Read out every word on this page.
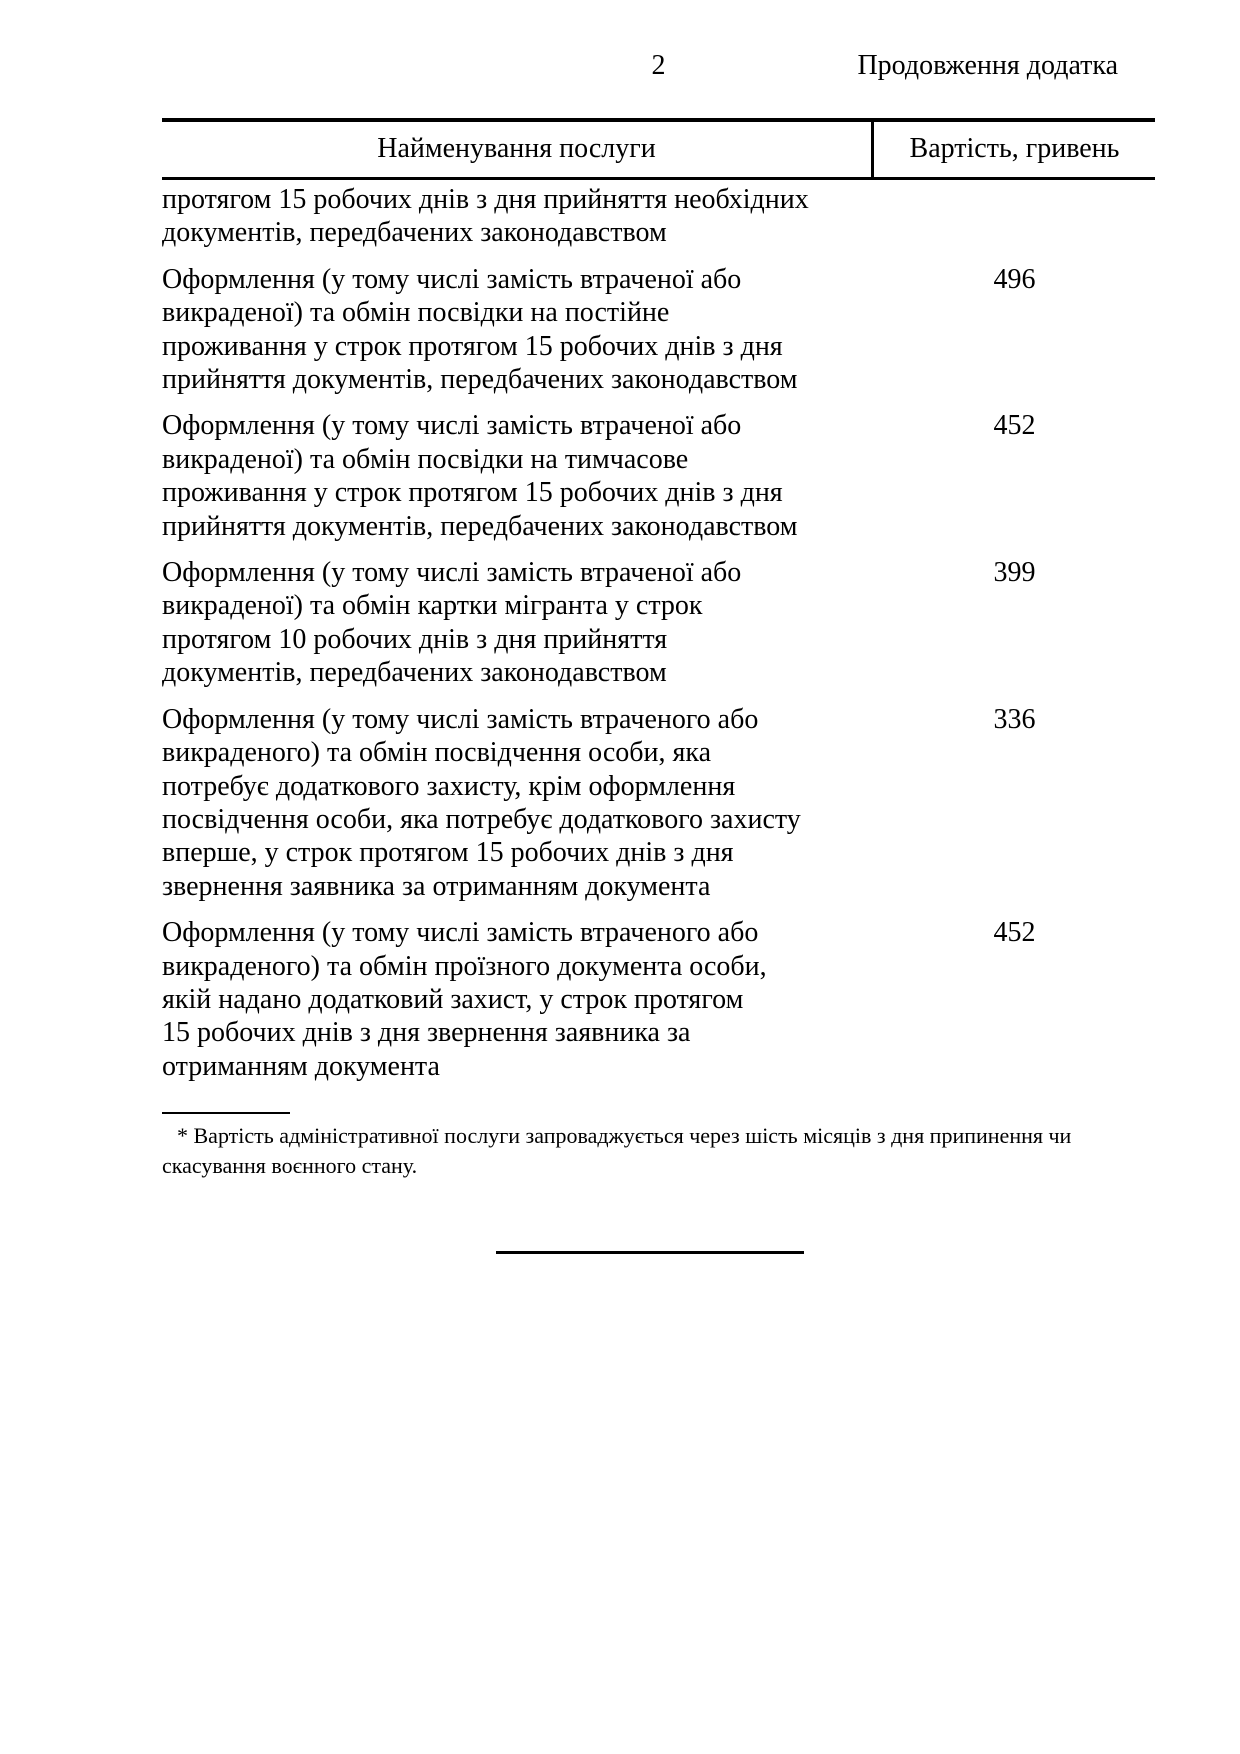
2	Продовження додатка
Найменування послуги	Вартість, гривень
протягом 15 робочих днів з дня прийняття необхідних
документів, передбачених законодавством
Оформлення (у тому числі замість втраченої або
викраденої) та обмін посвідки на постійне
проживання у строк протягом 15 робочих днів з дня
прийняття документів, передбачених законодавством
496
Оформлення (у тому числі замість втраченої або
викраденої) та обмін посвідки на тимчасове
проживання у строк протягом 15 робочих днів з дня
прийняття документів, передбачених законодавством
452
Оформлення (у тому числі замість втраченої або
викраденої) та обмін картки мігранта у строк
протягом 10 робочих днів з дня прийняття
документів, передбачених законодавством
399
Оформлення (у тому числі замість втраченого або
викраденого) та обмін посвідчення особи, яка
потребує додаткового захисту, крім оформлення
посвідчення особи, яка потребує додаткового захисту
вперше, у строк протягом 15 робочих днів з дня
звернення заявника за отриманням документа
336
Оформлення (у тому числі замість втраченого або
викраденого) та обмін проїзного документа особи,
якій надано додатковий захист, у строк протягом
15 робочих днів з дня звернення заявника за
отриманням документа
452
* Вартість адміністративної послуги запроваджується через шість місяців з дня припинення чи
скасування воєнного стану.
